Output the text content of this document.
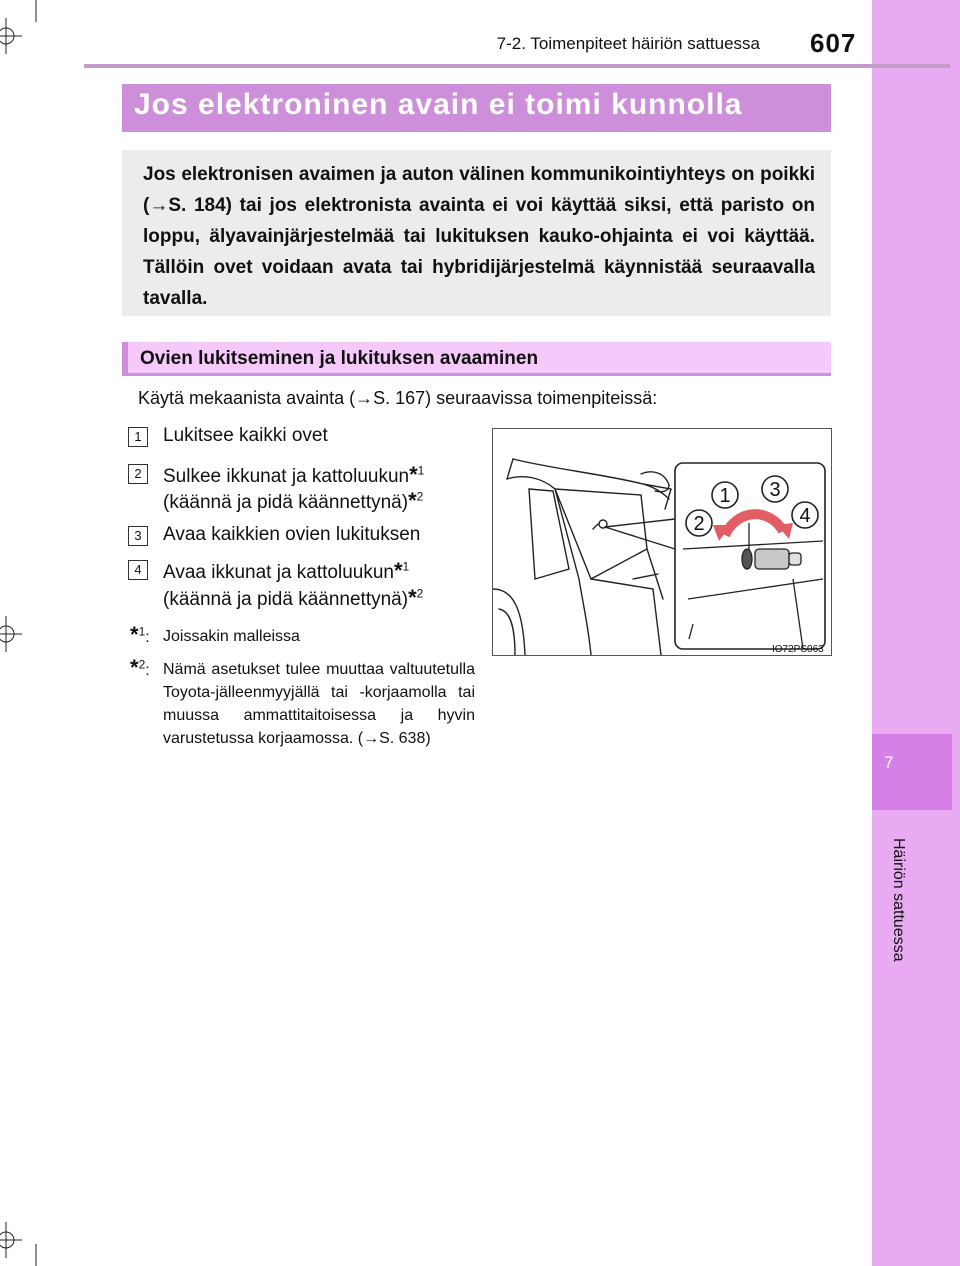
7
Häiriön sattuessa
7-2. Toimenpiteet häiriön sattuessa 607
Jos elektroninen avain ei toimi kunnolla
Jos elektronisen avaimen ja auton välinen kommunikointiyhteys on poikki (→S. 184) tai jos elektronista avainta ei voi käyttää siksi, että paristo on loppu, älyavainjärjestelmää tai lukituksen kauko-ohjainta ei voi käyttää. Tällöin ovet voidaan avata tai hybridijärjestelmä käynnistää seuraavalla tavalla.
Ovien lukitseminen ja lukituksen avaaminen
Käytä mekaanista avainta (→S. 167) seuraavissa toimenpiteissä:
1	Lukitsee kaikki ovet
2	Sulkee ikkunat ja kattoluukun*$^1$
(käännä ja pidä käännettynä)*$^2$
3	Avaa kaikkien ovien lukituksen
4	Avaa ikkunat ja kattoluukun*$^1$
(käännä ja pidä käännettynä)*$^2$
*$^1$: Joissakin malleissa
*$^2$: Nämä asetukset tulee muuttaa valtuutetulla Toyota-jälleenmyyjällä tai -korjaamolla tai muussa ammattitaitoisessa ja hyvin varustetussa korjaamossa. (→S. 638)
1
2
3
4
IO72PS063
